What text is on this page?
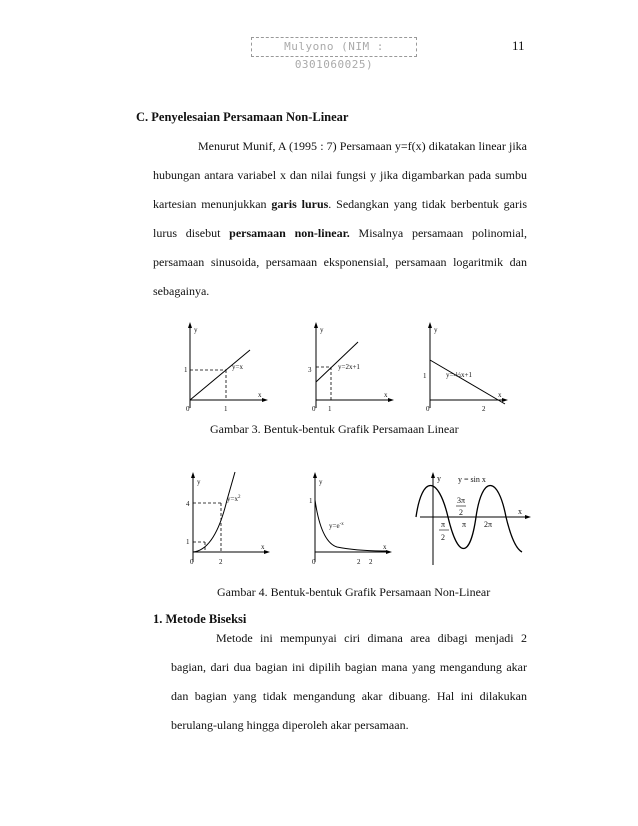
Mulyono (NIM : 0301060025)
11
C. Penyelesaian Persamaan Non-Linear

Menurut Munif, A (1995 : 7) Persamaan y=f(x) dikatakan linear jika hubungan antara variabel x dan nilai fungsi y jika digambarkan pada sumbu kartesian menunjukkan garis lurus. Sedangkan yang tidak berbentuk garis lurus disebut persamaan non-linear. Misalnya persamaan polinomial, persamaan sinusoida, persamaan eksponensial, persamaan logaritmik dan sebagainya.

y
x
1
1
0
y=x
y
x
3
1
0
y=2x+1
y
x
1
2
0
y=-½x+1
Gambar 3. Bentuk-bentuk Grafik Persamaan Linear
y
x
4
1
2
0
$y=x^2$
y
x
1
2 2
0
$y=e^{-x}$
y
x
y = sin x
3π
2
π
2
π 2π
Gambar 4. Bentuk-bentuk Grafik Persamaan Non-Linear
1. Metode Biseksi

Metode ini mempunyai ciri dimana area dibagi menjadi 2 bagian, dari dua bagian ini dipilih bagian mana yang mengandung akar dan bagian yang tidak mengandung akar dibuang. Hal ini dilakukan berulang-ulang hingga diperoleh akar persamaan.
